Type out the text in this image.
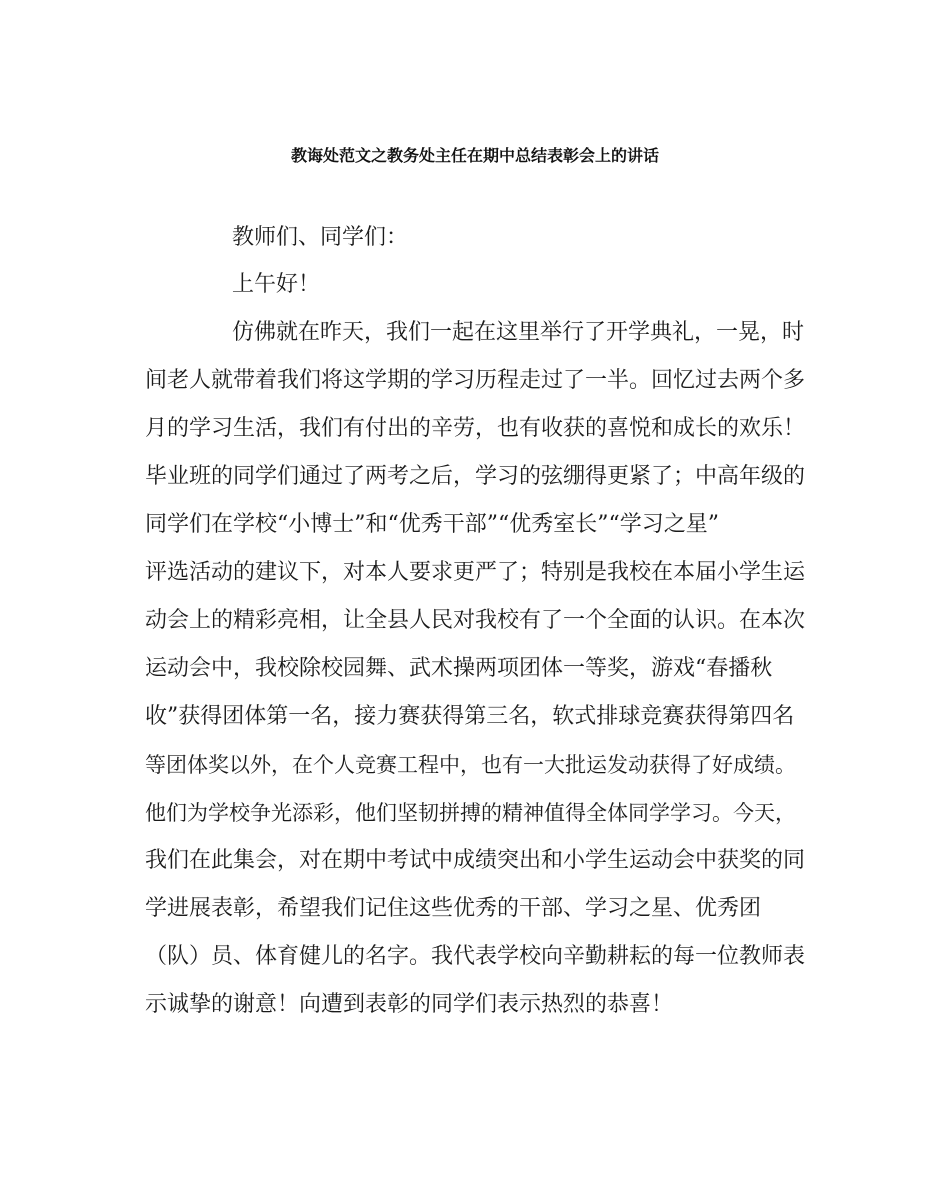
教诲处范文之教务处主任在期中总结表彰会上的讲话
教师们、同学们：
上午好！
仿佛就在昨天，我们一起在这里举行了开学典礼，一晃，时
间老人就带着我们将这学期的学习历程走过了一半。回忆过去两个多
月的学习生活，我们有付出的辛劳，也有收获的喜悦和成长的欢乐！
毕业班的同学们通过了两考之后，学习的弦绷得更紧了；中高年级的
同学们在学校“小博士”和“优秀干部”“优秀室长”“学习之星”
评选活动的建议下，对本人要求更严了；特别是我校在本届小学生运
动会上的精彩亮相，让全县人民对我校有了一个全面的认识。在本次
运动会中，我校除校园舞、武术操两项团体一等奖，游戏“春播秋
收”获得团体第一名，接力赛获得第三名，软式排球竞赛获得第四名
等团体奖以外，在个人竞赛工程中，也有一大批运发动获得了好成绩。
他们为学校争光添彩，他们坚韧拼搏的精神值得全体同学学习。今天，
我们在此集会，对在期中考试中成绩突出和小学生运动会中获奖的同
学进展表彰，希望我们记住这些优秀的干部、学习之星、优秀团
（队）员、体育健儿的名字。我代表学校向辛勤耕耘的每一位教师表
示诚挚的谢意！向遭到表彰的同学们表示热烈的恭喜！
